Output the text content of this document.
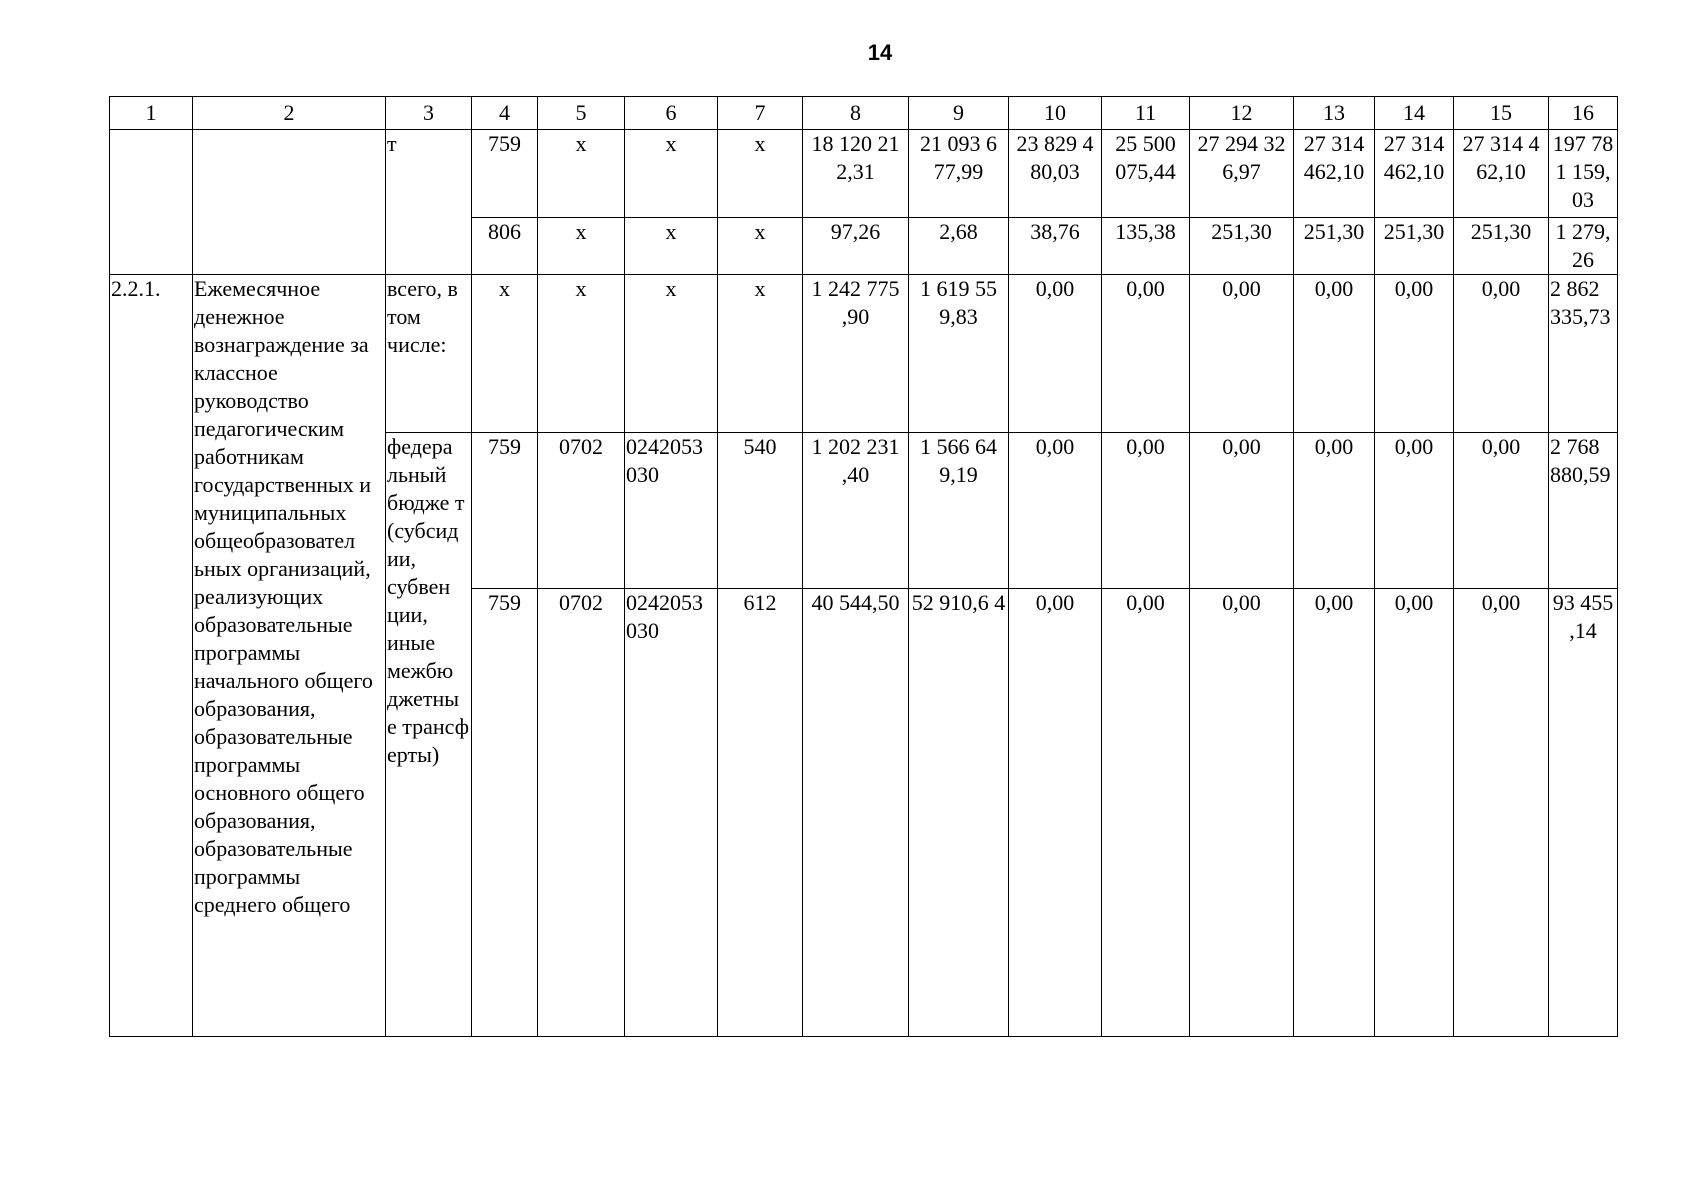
14
1	2	3	4	5	6	7	8	9	10	11	12	13	14	15	16
		т	759	х	х	х	18 120 21 2,31	21 093 6 77,99	23 829 4 80,03	25 500 075,44	27 294 32 6,97	27 314 462,10	27 314 462,10	27 314 4 62,10	197 78 1 159, 03
			806	х	х	х	97,26	2,68	38,76	135,38	251,30	251,30	251,30	251,30	1 279, 26
2.2.1.	Ежемесячное денежное вознаграждение за классное руководство педагогическим работникам государственных и муниципальных общеобразовател ьных организаций, реализующих образовательные программы начального общего образования, образовательные программы основного общего образования, образовательные программы среднего общего	всего, в том числе:	х	х	х	х	1 242 775 ,90	1 619 55 9,83	0,00	0,00	0,00	0,00	0,00	0,00	2 862 335,73
		федера льный бюдже т (субсид ии, субвен ции, иные межбю джетны е трансф ерты)	759	0702	0242053 030	540	1 202 231 ,40	1 566 64 9,19	0,00	0,00	0,00	0,00	0,00	0,00	2 768 880,59
			759	0702	0242053 030	612	40 544,50	52 910,6 4	0,00	0,00	0,00	0,00	0,00	0,00	93 455 ,14
